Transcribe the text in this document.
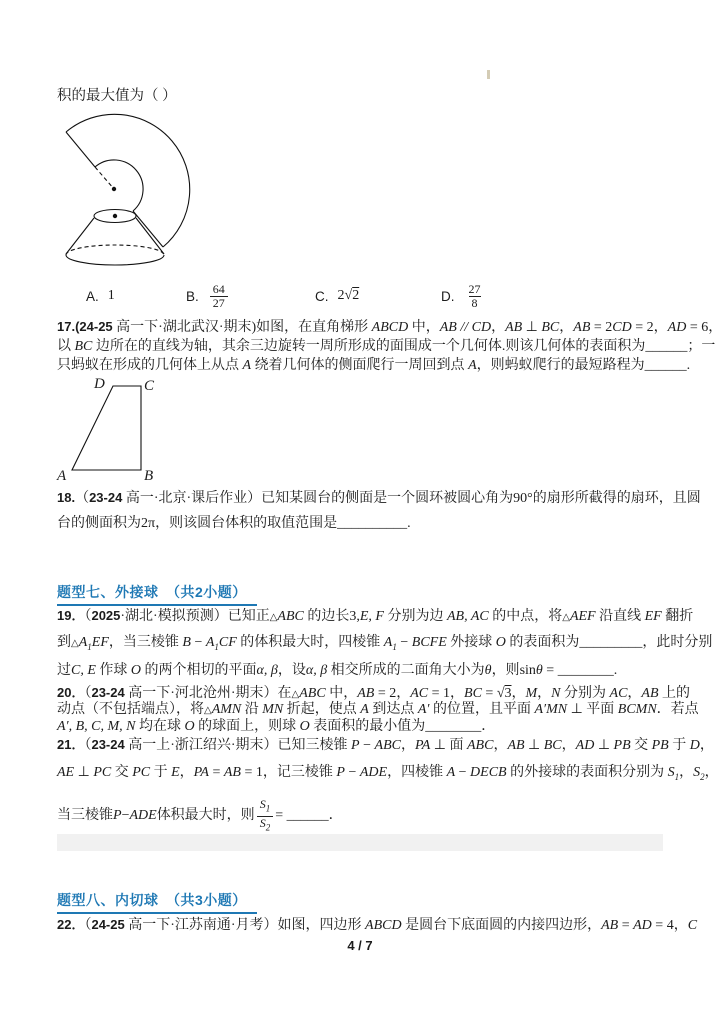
积的最大值为（ ）
A. 1	B. $\frac{64}{27}$	C. 2√2	D. $\frac{27}{8}$
17.(24-25 高一下·湖北武汉·期末)如图，在直角梯形 ABCD 中，AB // CD，AB ⊥ BC，AB = 2CD = 2，AD = 6，
以 BC 边所在的直线为轴，其余三边旋转一周所形成的面围成一个几何体.则该几何体的表面积为______；一
只蚂蚁在形成的几何体上从点 A 绕着几何体的侧面爬行一周回到点 A，则蚂蚁爬行的最短路程为______.
D	C
A	B
18.（23-24 高一·北京·课后作业）已知某圆台的侧面是一个圆环被圆心角为90°的扇形所截得的扇环，且圆
台的侧面积为2π，则该圆台体积的取值范围是__________.
题型七、外接球　（共2小题）
19．（2025·湖北·模拟预测）已知正△ABC 的边长3,E, F 分别为边 AB, AC 的中点，将△AEF 沿直线 EF 翻折
到$\triangle A_1EF$，当三棱锥 $B - A_1CF$ 的体积最大时，四棱锥 $A_1$ − BCFE 外接球 O 的表面积为_________，此时分别
过C, E 作球 O 的两个相切的平面α, β，设α, β 相交所成的二面角大小为θ，则sinθ = ________.
20．（23-24 高一下·河北沧州·期末）在△ABC 中，AB = 2，AC = 1，BC = √3，M，N 分别为 AC，AB 上的
动点（不包括端点），将△AMN 沿 MN 折起，使点 A 到达点 A′ 的位置，且平面 A′MN ⊥ 平面 BCMN．若点
A′, B, C, M, N 均在球 O 的球面上，则球 O 表面积的最小值为________．
21．（23-24 高一上·浙江绍兴·期末）已知三棱锥 P − ABC，PA ⊥ 面 ABC，AB ⊥ BC，AD ⊥ PB 交 PB 于 D，
AE ⊥ PC 交 PC 于 E，PA = AB = 1，记三棱锥 P − ADE，四棱锥 A − DECB 的外接球的表面积分别为 $S_1$，$S_2$，
当三棱锥 P − ADE 体积最大时，则 $\frac{S_1}{S_2}$ = ______ ．
题型八、内切球　（共3小题）
22．（24-25 高一下·江苏南通·月考）如图，四边形 ABCD 是圆台下底面圆的内接四边形，AB = AD = 4，C
4 / 7
